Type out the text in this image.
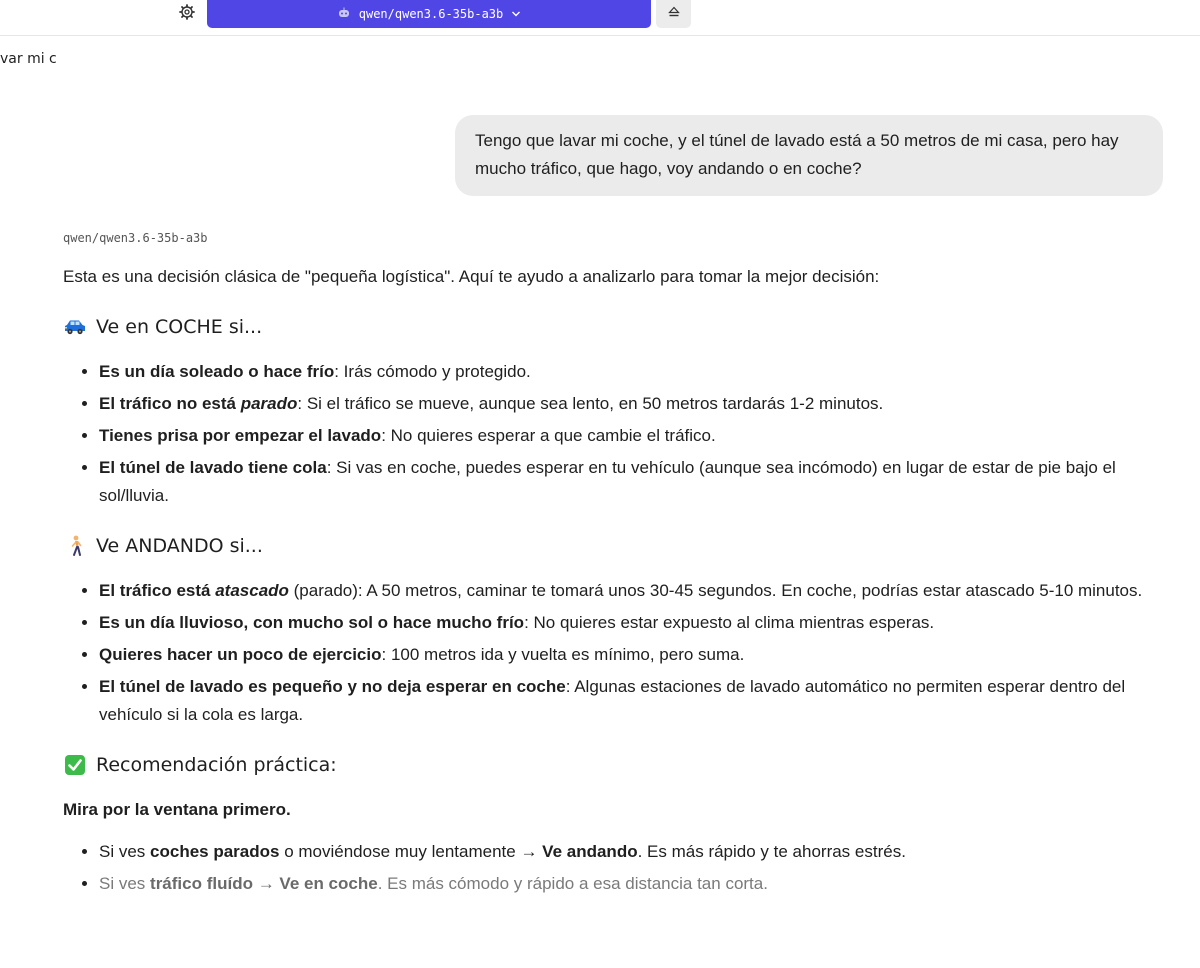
qwen/qwen3.6-35b-a3b
var mi c
Tengo que lavar mi coche, y el túnel de lavado está a 50 metros de mi casa, pero hay mucho tráfico, que hago, voy andando o en coche?
qwen/qwen3.6-35b-a3b

Esta es una decisión clásica de "pequeña logística". Aquí te ayudo a analizarlo para tomar la mejor decisión:

Ve en COCHE si...
• Es un día soleado o hace frío: Irás cómodo y protegido.
• El tráfico no está parado: Si el tráfico se mueve, aunque sea lento, en 50 metros tardarás 1-2 minutos.
• Tienes prisa por empezar el lavado: No quieres esperar a que cambie el tráfico.
• El túnel de lavado tiene cola: Si vas en coche, puedes esperar en tu vehículo (aunque sea incómodo) en lugar de estar de pie bajo el sol/lluvia.
Ve ANDANDO si...
• El tráfico está atascado (parado): A 50 metros, caminar te tomará unos 30-45 segundos. En coche, podrías estar atascado 5-10 minutos.
• Es un día lluvioso, con mucho sol o hace mucho frío: No quieres estar expuesto al clima mientras esperas.
• Quieres hacer un poco de ejercicio: 100 metros ida y vuelta es mínimo, pero suma.
• El túnel de lavado es pequeño y no deja esperar en coche: Algunas estaciones de lavado automático no permiten esperar dentro del vehículo si la cola es larga.
Recomendación práctica:

Mira por la ventana primero.

• Si ves coches parados o moviéndose muy lentamente → Ve andando. Es más rápido y te ahorras estrés.
• Si ves tráfico fluído → Ve en coche. Es más cómodo y rápido a esa distancia tan corta.
